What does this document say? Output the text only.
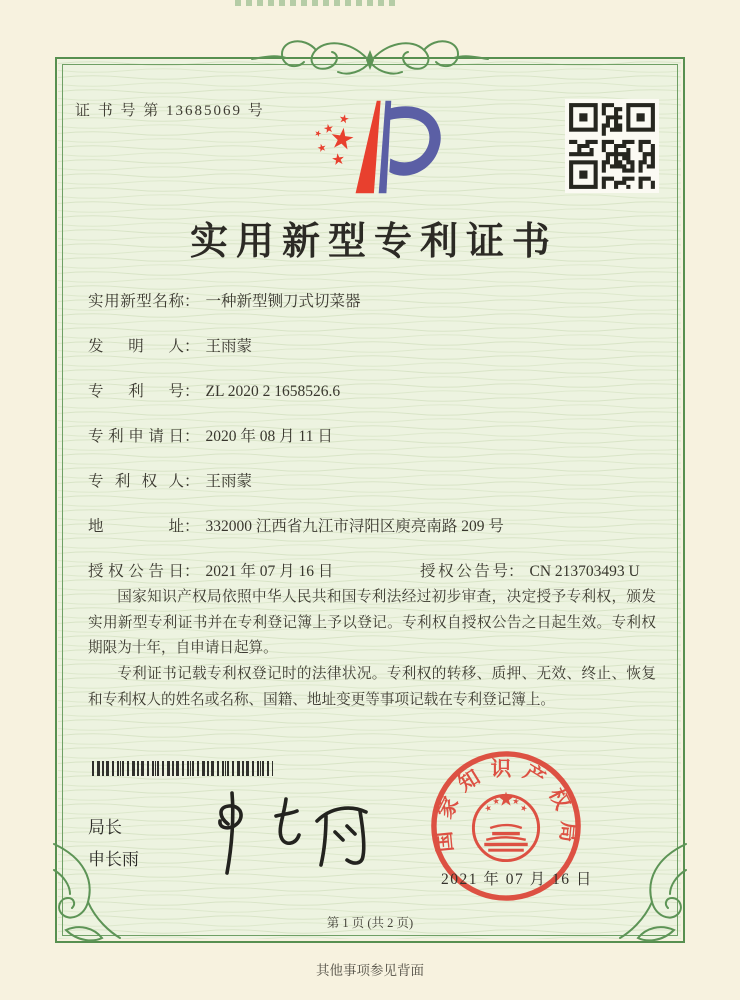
证 书 号 第 13685069 号
实用新型专利证书
实用新型名称： 一种新型铡刀式切菜器
发明人： 王雨蒙
专利号： ZL 2020 2 1658526.6
专利申请日： 2020 年 08 月 11 日
专利权人： 王雨蒙
地址： 332000 江西省九江市浔阳区庾亮南路 209 号
授权公告日： 2021 年 07 月 16 日	授权公告号： CN 213703493 U

国家知识产权局依照中华人民共和国专利法经过初步审查，决定授予专利权，颁发实用新型专利证书并在专利登记簿上予以登记。专利权自授权公告之日起生效。专利权期限为十年，自申请日起算。

专利证书记载专利权登记时的法律状况。专利权的转移、质押、无效、终止、恢复和专利权人的姓名或名称、国籍、地址变更等事项记载在专利登记簿上。

局长
申长雨
国家知识产权局
2021 年 07 月 16 日
第 1 页 (共 2 页)
其他事项参见背面
